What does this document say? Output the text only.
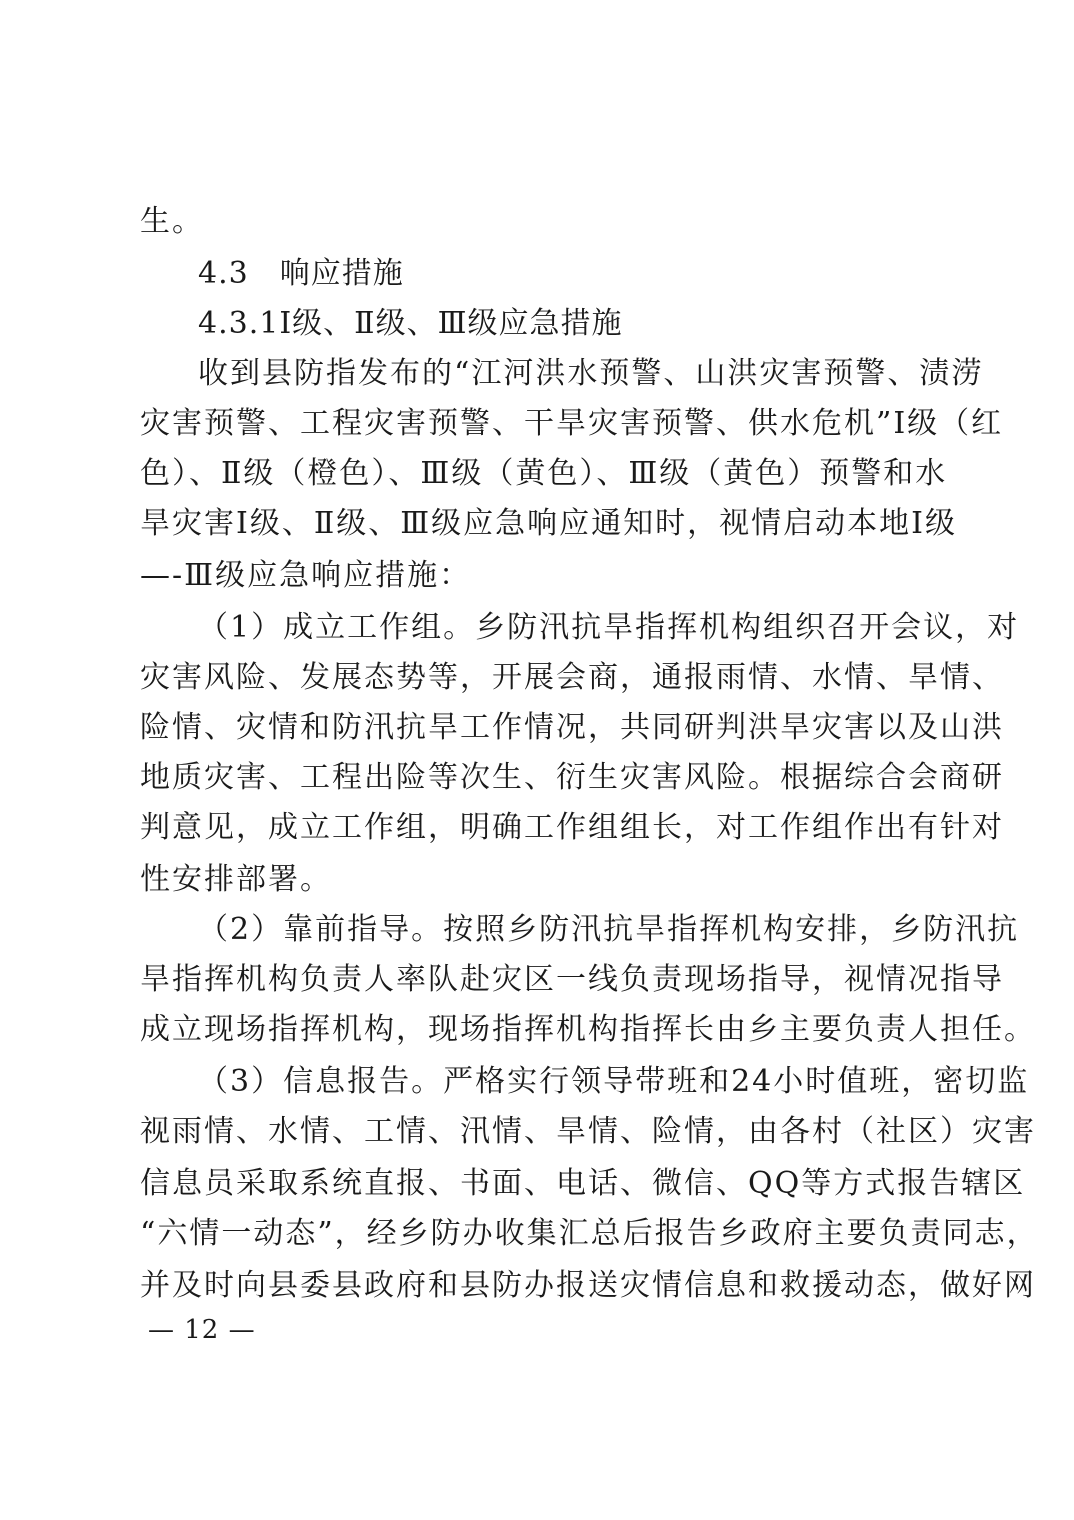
生。
4.3　响应措施
4.3.1Ⅰ级、Ⅱ级、Ⅲ级应急措施
收到县防指发布的“江河洪水预警、山洪灾害预警、渍涝
灾害预警、工程灾害预警、干旱灾害预警、供水危机”Ⅰ级（红
色）、Ⅱ级（橙色）、Ⅲ级（黄色）、Ⅲ级（黄色）预警和水
旱灾害Ⅰ级、Ⅱ级、Ⅲ级应急响应通知时，视情启动本地Ⅰ级
—-Ⅲ级应急响应措施：
（1）成立工作组。乡防汛抗旱指挥机构组织召开会议，对
灾害风险、发展态势等，开展会商，通报雨情、水情、旱情、
险情、灾情和防汛抗旱工作情况，共同研判洪旱灾害以及山洪
地质灾害、工程出险等次生、衍生灾害风险。根据综合会商研
判意见，成立工作组，明确工作组组长，对工作组作出有针对
性安排部署。
（2）靠前指导。按照乡防汛抗旱指挥机构安排，乡防汛抗
旱指挥机构负责人率队赴灾区一线负责现场指导，视情况指导
成立现场指挥机构，现场指挥机构指挥长由乡主要负责人担任。
（3）信息报告。严格实行领导带班和24小时值班，密切监
视雨情、水情、工情、汛情、旱情、险情，由各村（社区）灾害
信息员采取系统直报、书面、电话、微信、QQ等方式报告辖区
“六情一动态”，经乡防办收集汇总后报告乡政府主要负责同志，
并及时向县委县政府和县防办报送灾情信息和救援动态，做好网
— 12 —
